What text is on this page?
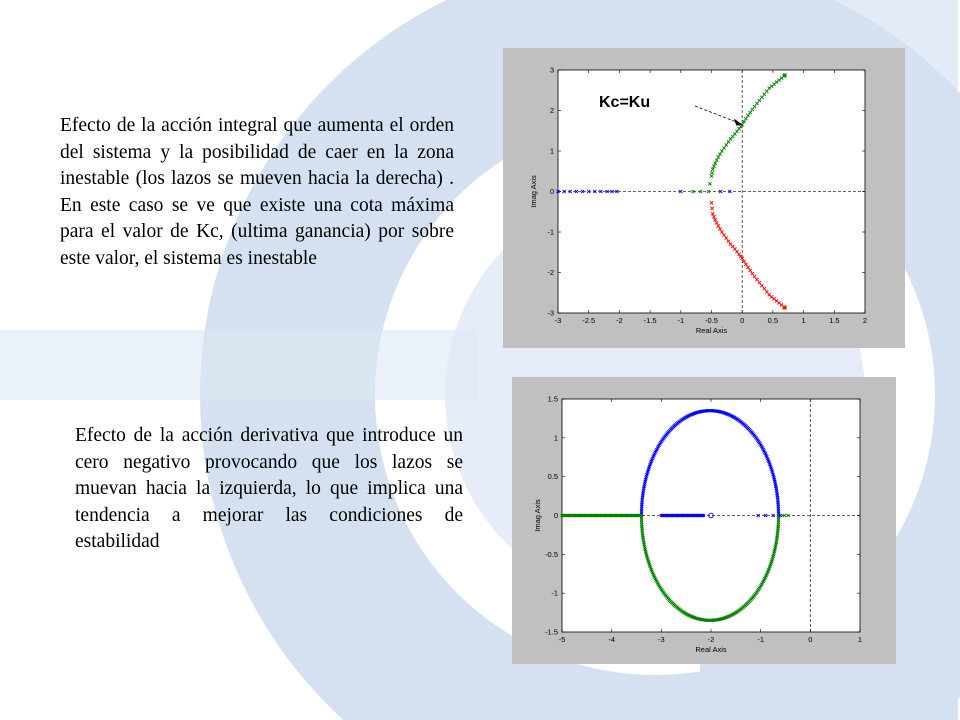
Efecto de la acción integral que aumenta el orden del sistema y la posibilidad de caer en la zona inestable (los lazos se mueven hacia la derecha) . En este caso se ve que existe una cota máxima para el valor de Kc, (ultima ganancia) por sobre este valor, el sistema es inestable
Efecto de la acción derivativa que introduce un cero negativo provocando que los lazos se muevan hacia la izquierda, lo que implica una tendencia a mejorar las condiciones de estabilidad
-3	-2.5	-2	-1.5	-1	-0.5	0	0.5	1	1.5	2
-3
-2
-1
0
1
2
3
Real Axis
Imag Axis
Kc=Ku
-5	-4	-3	-2	-1	0	1
-1.5
-1
-0.5
0
0.5
1
1.5
Real Axis
Imag Axis
